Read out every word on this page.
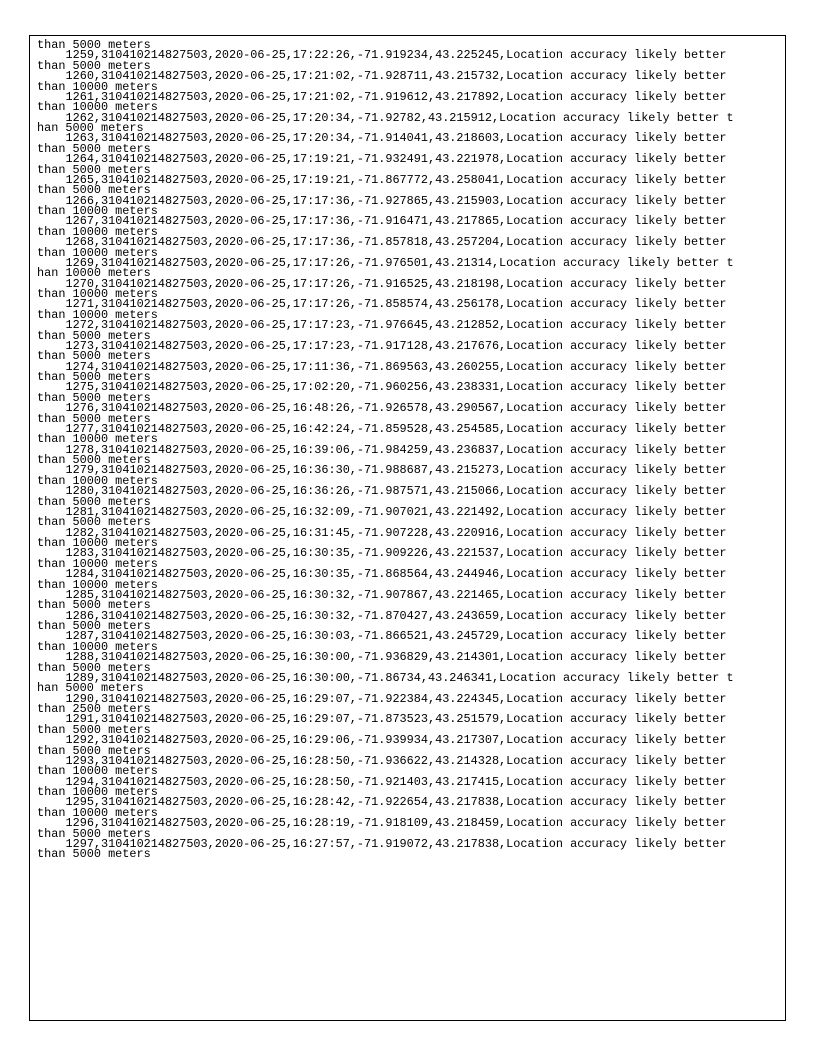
than 5000 meters
1259,310410214827503,2020-06-25,17:22:26,-71.919234,43.225245,Location accuracy likely better
than 5000 meters
1260,310410214827503,2020-06-25,17:21:02,-71.928711,43.215732,Location accuracy likely better
than 10000 meters
1261,310410214827503,2020-06-25,17:21:02,-71.919612,43.217892,Location accuracy likely better
than 10000 meters
1262,310410214827503,2020-06-25,17:20:34,-71.92782,43.215912,Location accuracy likely better t
han 5000 meters
1263,310410214827503,2020-06-25,17:20:34,-71.914041,43.218603,Location accuracy likely better
than 5000 meters
1264,310410214827503,2020-06-25,17:19:21,-71.932491,43.221978,Location accuracy likely better
than 5000 meters
1265,310410214827503,2020-06-25,17:19:21,-71.867772,43.258041,Location accuracy likely better
than 5000 meters
1266,310410214827503,2020-06-25,17:17:36,-71.927865,43.215903,Location accuracy likely better
than 10000 meters
1267,310410214827503,2020-06-25,17:17:36,-71.916471,43.217865,Location accuracy likely better
than 10000 meters
1268,310410214827503,2020-06-25,17:17:36,-71.857818,43.257204,Location accuracy likely better
than 10000 meters
1269,310410214827503,2020-06-25,17:17:26,-71.976501,43.21314,Location accuracy likely better t
han 10000 meters
1270,310410214827503,2020-06-25,17:17:26,-71.916525,43.218198,Location accuracy likely better
than 10000 meters
1271,310410214827503,2020-06-25,17:17:26,-71.858574,43.256178,Location accuracy likely better
than 10000 meters
1272,310410214827503,2020-06-25,17:17:23,-71.976645,43.212852,Location accuracy likely better
than 5000 meters
1273,310410214827503,2020-06-25,17:17:23,-71.917128,43.217676,Location accuracy likely better
than 5000 meters
1274,310410214827503,2020-06-25,17:11:36,-71.869563,43.260255,Location accuracy likely better
than 5000 meters
1275,310410214827503,2020-06-25,17:02:20,-71.960256,43.238331,Location accuracy likely better
than 5000 meters
1276,310410214827503,2020-06-25,16:48:26,-71.926578,43.290567,Location accuracy likely better
than 5000 meters
1277,310410214827503,2020-06-25,16:42:24,-71.859528,43.254585,Location accuracy likely better
than 10000 meters
1278,310410214827503,2020-06-25,16:39:06,-71.984259,43.236837,Location accuracy likely better
than 5000 meters
1279,310410214827503,2020-06-25,16:36:30,-71.988687,43.215273,Location accuracy likely better
than 10000 meters
1280,310410214827503,2020-06-25,16:36:26,-71.987571,43.215066,Location accuracy likely better
than 5000 meters
1281,310410214827503,2020-06-25,16:32:09,-71.907021,43.221492,Location accuracy likely better
than 5000 meters
1282,310410214827503,2020-06-25,16:31:45,-71.907228,43.220916,Location accuracy likely better
than 10000 meters
1283,310410214827503,2020-06-25,16:30:35,-71.909226,43.221537,Location accuracy likely better
than 10000 meters
1284,310410214827503,2020-06-25,16:30:35,-71.868564,43.244946,Location accuracy likely better
than 10000 meters
1285,310410214827503,2020-06-25,16:30:32,-71.907867,43.221465,Location accuracy likely better
than 5000 meters
1286,310410214827503,2020-06-25,16:30:32,-71.870427,43.243659,Location accuracy likely better
than 5000 meters
1287,310410214827503,2020-06-25,16:30:03,-71.866521,43.245729,Location accuracy likely better
than 10000 meters
1288,310410214827503,2020-06-25,16:30:00,-71.936829,43.214301,Location accuracy likely better
than 5000 meters
1289,310410214827503,2020-06-25,16:30:00,-71.86734,43.246341,Location accuracy likely better t
han 5000 meters
1290,310410214827503,2020-06-25,16:29:07,-71.922384,43.224345,Location accuracy likely better
than 2500 meters
1291,310410214827503,2020-06-25,16:29:07,-71.873523,43.251579,Location accuracy likely better
than 5000 meters
1292,310410214827503,2020-06-25,16:29:06,-71.939934,43.217307,Location accuracy likely better
than 5000 meters
1293,310410214827503,2020-06-25,16:28:50,-71.936622,43.214328,Location accuracy likely better
than 10000 meters
1294,310410214827503,2020-06-25,16:28:50,-71.921403,43.217415,Location accuracy likely better
than 10000 meters
1295,310410214827503,2020-06-25,16:28:42,-71.922654,43.217838,Location accuracy likely better
than 10000 meters
1296,310410214827503,2020-06-25,16:28:19,-71.918109,43.218459,Location accuracy likely better
than 5000 meters
1297,310410214827503,2020-06-25,16:27:57,-71.919072,43.217838,Location accuracy likely better
than 5000 meters
